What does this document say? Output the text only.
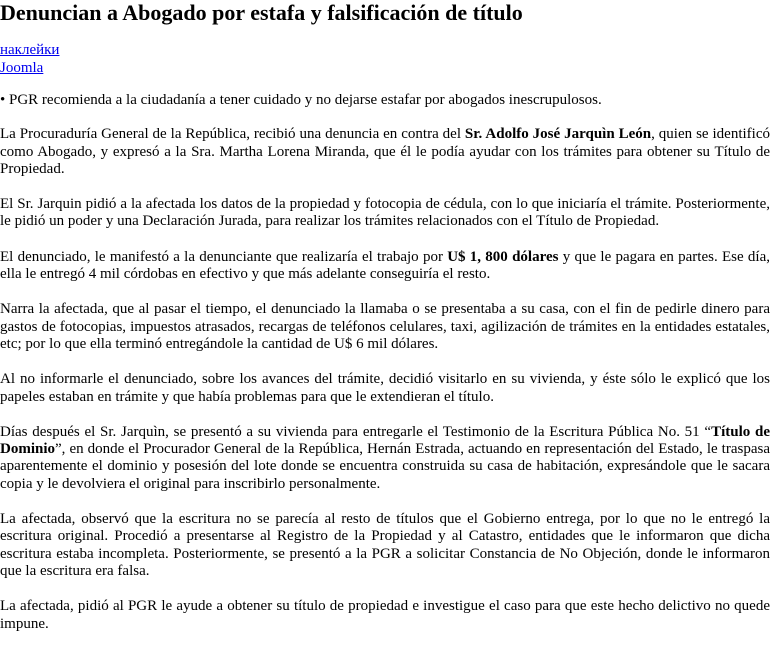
Denuncian a Abogado por estafa y falsificación de título
наклейки
Joomla

• PGR recomienda a la ciudadanía a tener cuidado y no dejarse estafar por abogados inescrupulosos.

La Procuraduría General de la República, recibió una denuncia en contra del Sr. Adolfo José Jarquìn León, quien se identificó como Abogado, y expresó a la Sra. Martha Lorena Miranda, que él le podía ayudar con los trámites para obtener su Título de Propiedad.

El Sr. Jarquin pidió a la afectada los datos de la propiedad y fotocopia de cédula, con lo que iniciaría el trámite. Posteriormente, le pidió un poder y una Declaración Jurada, para realizar los trámites relacionados con el Título de Propiedad.

El denunciado, le manifestó a la denunciante que realizaría el trabajo por U$ 1, 800 dólares y que le pagara en partes. Ese día, ella le entregó 4 mil córdobas en efectivo y que más adelante conseguiría el resto.

Narra la afectada, que al pasar el tiempo, el denunciado la llamaba o se presentaba a su casa, con el fin de pedirle dinero para gastos de fotocopias, impuestos atrasados, recargas de teléfonos celulares, taxi, agilización de trámites en la entidades estatales, etc; por lo que ella terminó entregándole la cantidad de U$ 6 mil dólares.

Al no informarle el denunciado, sobre los avances del trámite, decidió visitarlo en su vivienda, y éste sólo le explicó que los papeles estaban en trámite y que había problemas para que le extendieran el título.

Días después el Sr. Jarquìn, se presentó a su vivienda para entregarle el Testimonio de la Escritura Pública No. 51 “Título de Dominio”, en donde el Procurador General de la República, Hernán Estrada, actuando en representación del Estado, le traspasa aparentemente el dominio y posesión del lote donde se encuentra construida su casa de habitación, expresándole que le sacara copia y le devolviera el original para inscribirlo personalmente.

La afectada, observó que la escritura no se parecía al resto de títulos que el Gobierno entrega, por lo que no le entregó la escritura original. Procedió a presentarse al Registro de la Propiedad y al Catastro, entidades que le informaron que dicha escritura estaba incompleta. Posteriormente, se presentó a la PGR a solicitar Constancia de No Objeción, donde le informaron que la escritura era falsa.

La afectada, pidió al PGR le ayude a obtener su título de propiedad e investigue el caso para que este hecho delictivo no quede impune.
